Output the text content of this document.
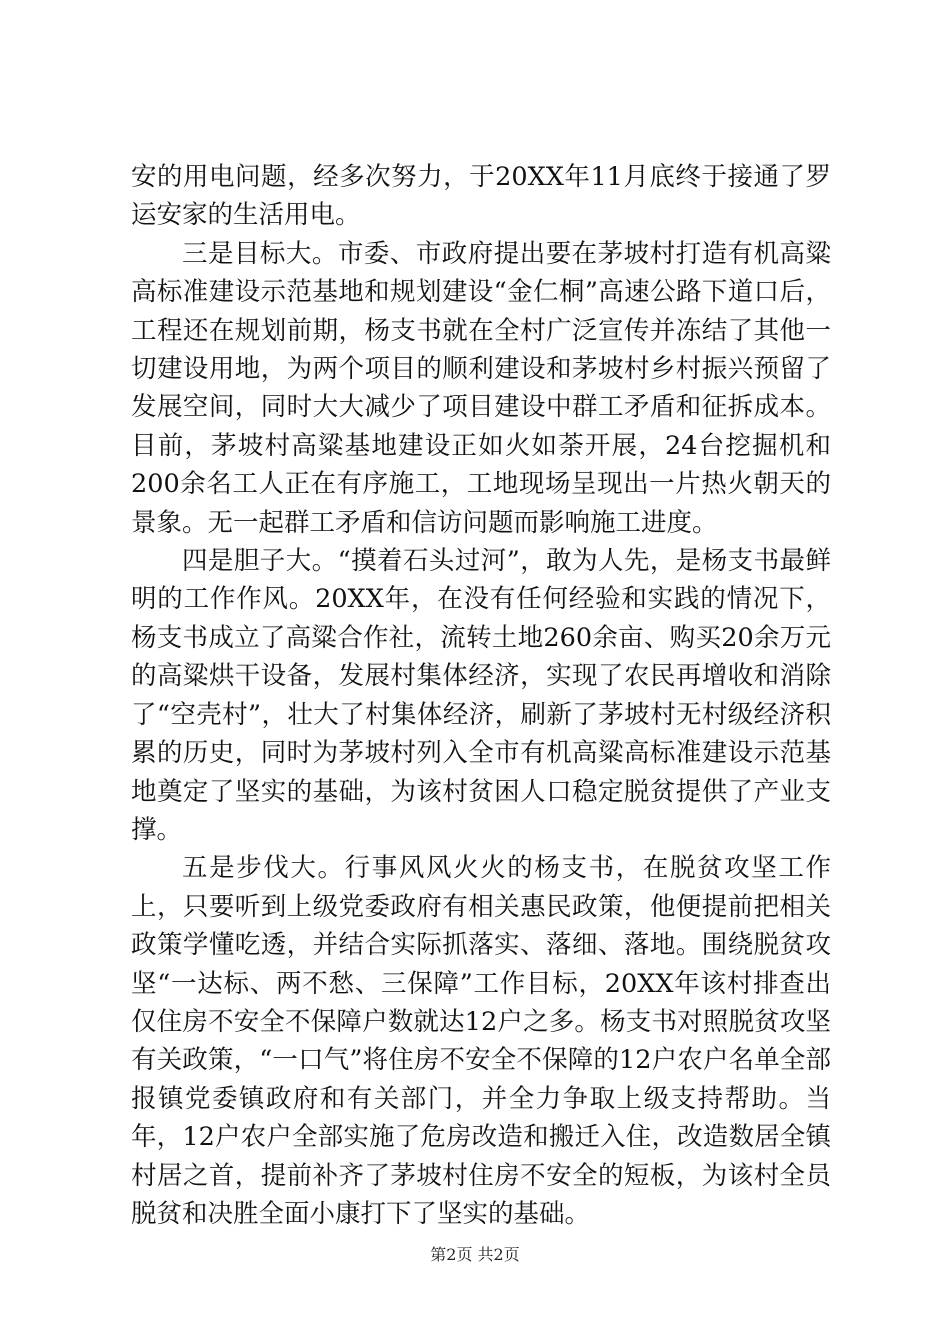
安的用电问题，经多次努力，于20XX年11月底终于接通了罗运安家的生活用电。

三是目标大。市委、市政府提出要在茅坡村打造有机高粱高标准建设示范基地和规划建设“金仁桐”高速公路下道口后，工程还在规划前期，杨支书就在全村广泛宣传并冻结了其他一切建设用地，为两个项目的顺利建设和茅坡村乡村振兴预留了发展空间，同时大大减少了项目建设中群工矛盾和征拆成本。目前，茅坡村高粱基地建设正如火如荼开展，24台挖掘机和200余名工人正在有序施工，工地现场呈现出一片热火朝天的景象。无一起群工矛盾和信访问题而影响施工进度。

四是胆子大。“摸着石头过河”，敢为人先，是杨支书最鲜明的工作作风。20XX年，在没有任何经验和实践的情况下，杨支书成立了高粱合作社，流转土地260余亩、购买20余万元的高粱烘干设备，发展村集体经济，实现了农民再增收和消除了“空壳村”，壮大了村集体经济，刷新了茅坡村无村级经济积累的历史，同时为茅坡村列入全市有机高粱高标准建设示范基地奠定了坚实的基础，为该村贫困人口稳定脱贫提供了产业支撑。

五是步伐大。行事风风火火的杨支书，在脱贫攻坚工作上，只要听到上级党委政府有相关惠民政策，他便提前把相关政策学懂吃透，并结合实际抓落实、落细、落地。围绕脱贫攻坚“一达标、两不愁、三保障”工作目标，20XX年该村排查出仅住房不安全不保障户数就达12户之多。杨支书对照脱贫攻坚有关政策，“一口气”将住房不安全不保障的12户农户名单全部报镇党委镇政府和有关部门，并全力争取上级支持帮助。当年，12户农户全部实施了危房改造和搬迁入住，改造数居全镇村居之首，提前补齐了茅坡村住房不安全的短板，为该村全员脱贫和决胜全面小康打下了坚实的基础。

第2页 共2页
